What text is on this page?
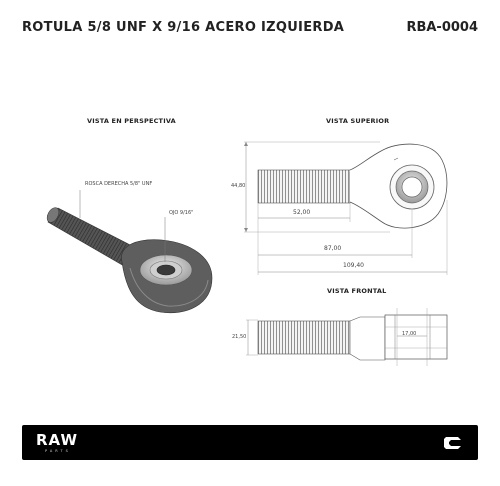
ROTULA 5/8 UNF X 9/16 ACERO IZQUIERDA	RBA-0004
VISTA EN PERSPECTIVA	VISTA SUPERIOR
VISTA FRONTAL
ROSCA DERECHA 5/8" UNF
OJO 9/16"
44,80
52,00
87,00
109,40
21,50	17,00
RAW
PARTS
